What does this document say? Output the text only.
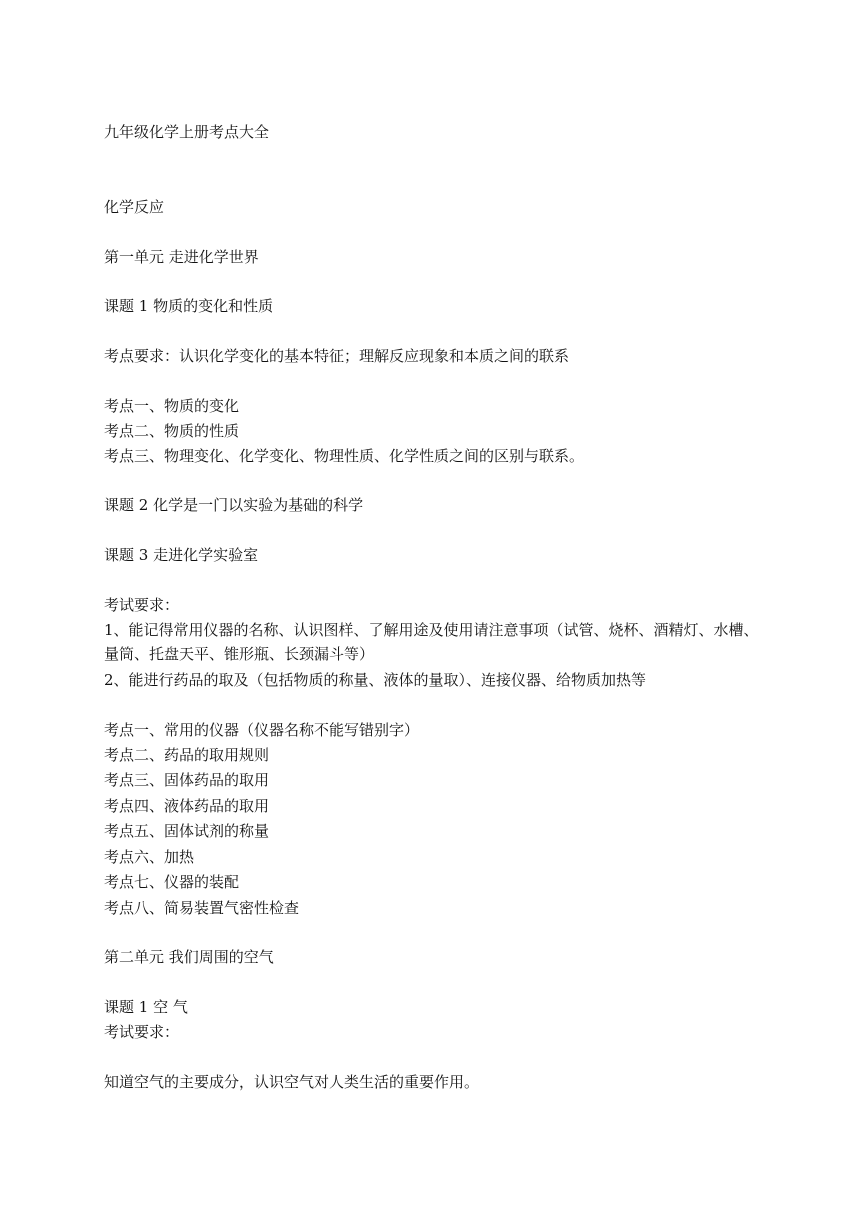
九年级化学上册考点大全
化学反应
第一单元 走进化学世界
课题 1 物质的变化和性质
考点要求：认识化学变化的基本特征；理解反应现象和本质之间的联系
考点一、物质的变化
考点二、物质的性质
考点三、物理变化、化学变化、物理性质、化学性质之间的区别与联系。
课题 2 化学是一门以实验为基础的科学
课题 3 走进化学实验室
考试要求：
1、能记得常用仪器的名称、认识图样、了解用途及使用请注意事项（试管、烧杯、酒精灯、水槽、量筒、托盘天平、锥形瓶、长颈漏斗等）
2、能进行药品的取及（包括物质的称量、液体的量取）、连接仪器、给物质加热等
考点一、常用的仪器（仪器名称不能写错别字）
考点二、药品的取用规则
考点三、固体药品的取用
考点四、液体药品的取用
考点五、固体试剂的称量
考点六、加热
考点七、仪器的装配
考点八、简易装置气密性检查
第二单元 我们周围的空气
课题 1 空 气
考试要求：
知道空气的主要成分，认识空气对人类生活的重要作用。
